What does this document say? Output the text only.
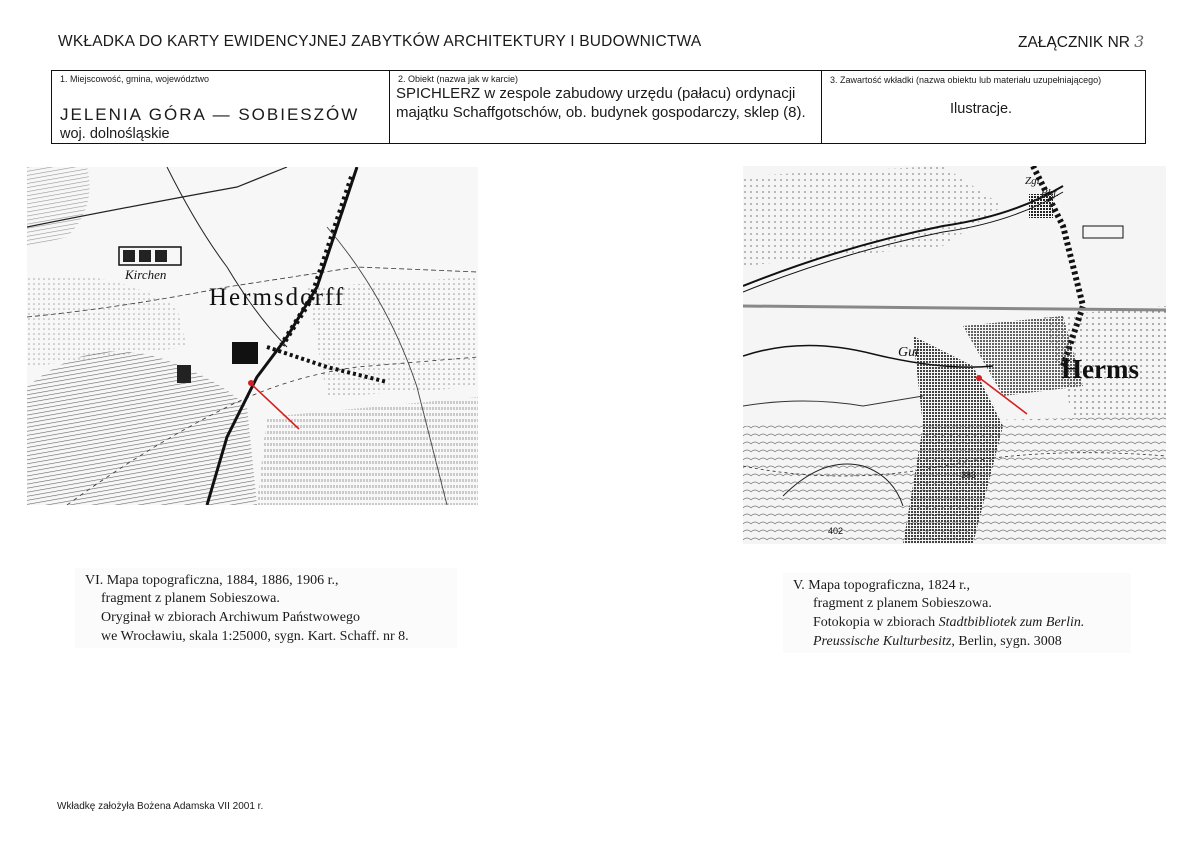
WKŁADKA DO KARTY EWIDENCYJNEJ ZABYTKÓW ARCHITEKTURY I BUDOWNICTWA	ZAŁĄCZNIK NR 3
1. Miejscowość, gmina, województwo
JELENIA GÓRA — SOBIESZÓW
woj. dolnośląskie
2. Obiekt (nazwa jak w karcie)
SPICHLERZ w zespole zabudowy urzędu (pałacu) ordynacji majątku Schaffgotschów, ob. budynek gospodarczy, sklep (8).
3. Zawartość wkładki (nazwa obiektu lub materiału uzupełniającego)
Ilustracje.
Kirchen
Hermsdorff
Zgl.
Bhf.
Gut
Herms
383
402
VI. Mapa topograficzna, 1884, 1886, 1906 r.,
fragment z planem Sobieszowa.
Oryginał w zbiorach Archiwum Państwowego
we Wrocławiu, skala 1:25000, sygn. Kart. Schaff. nr 8.
V. Mapa topograficzna, 1824 r.,
fragment z planem Sobieszowa.
Fotokopia w zbiorach Stadtbibliotek zum Berlin.
Preussische Kulturbesitz, Berlin, sygn. 3008
Wkładkę założyła Bożena Adamska VII 2001 r.
